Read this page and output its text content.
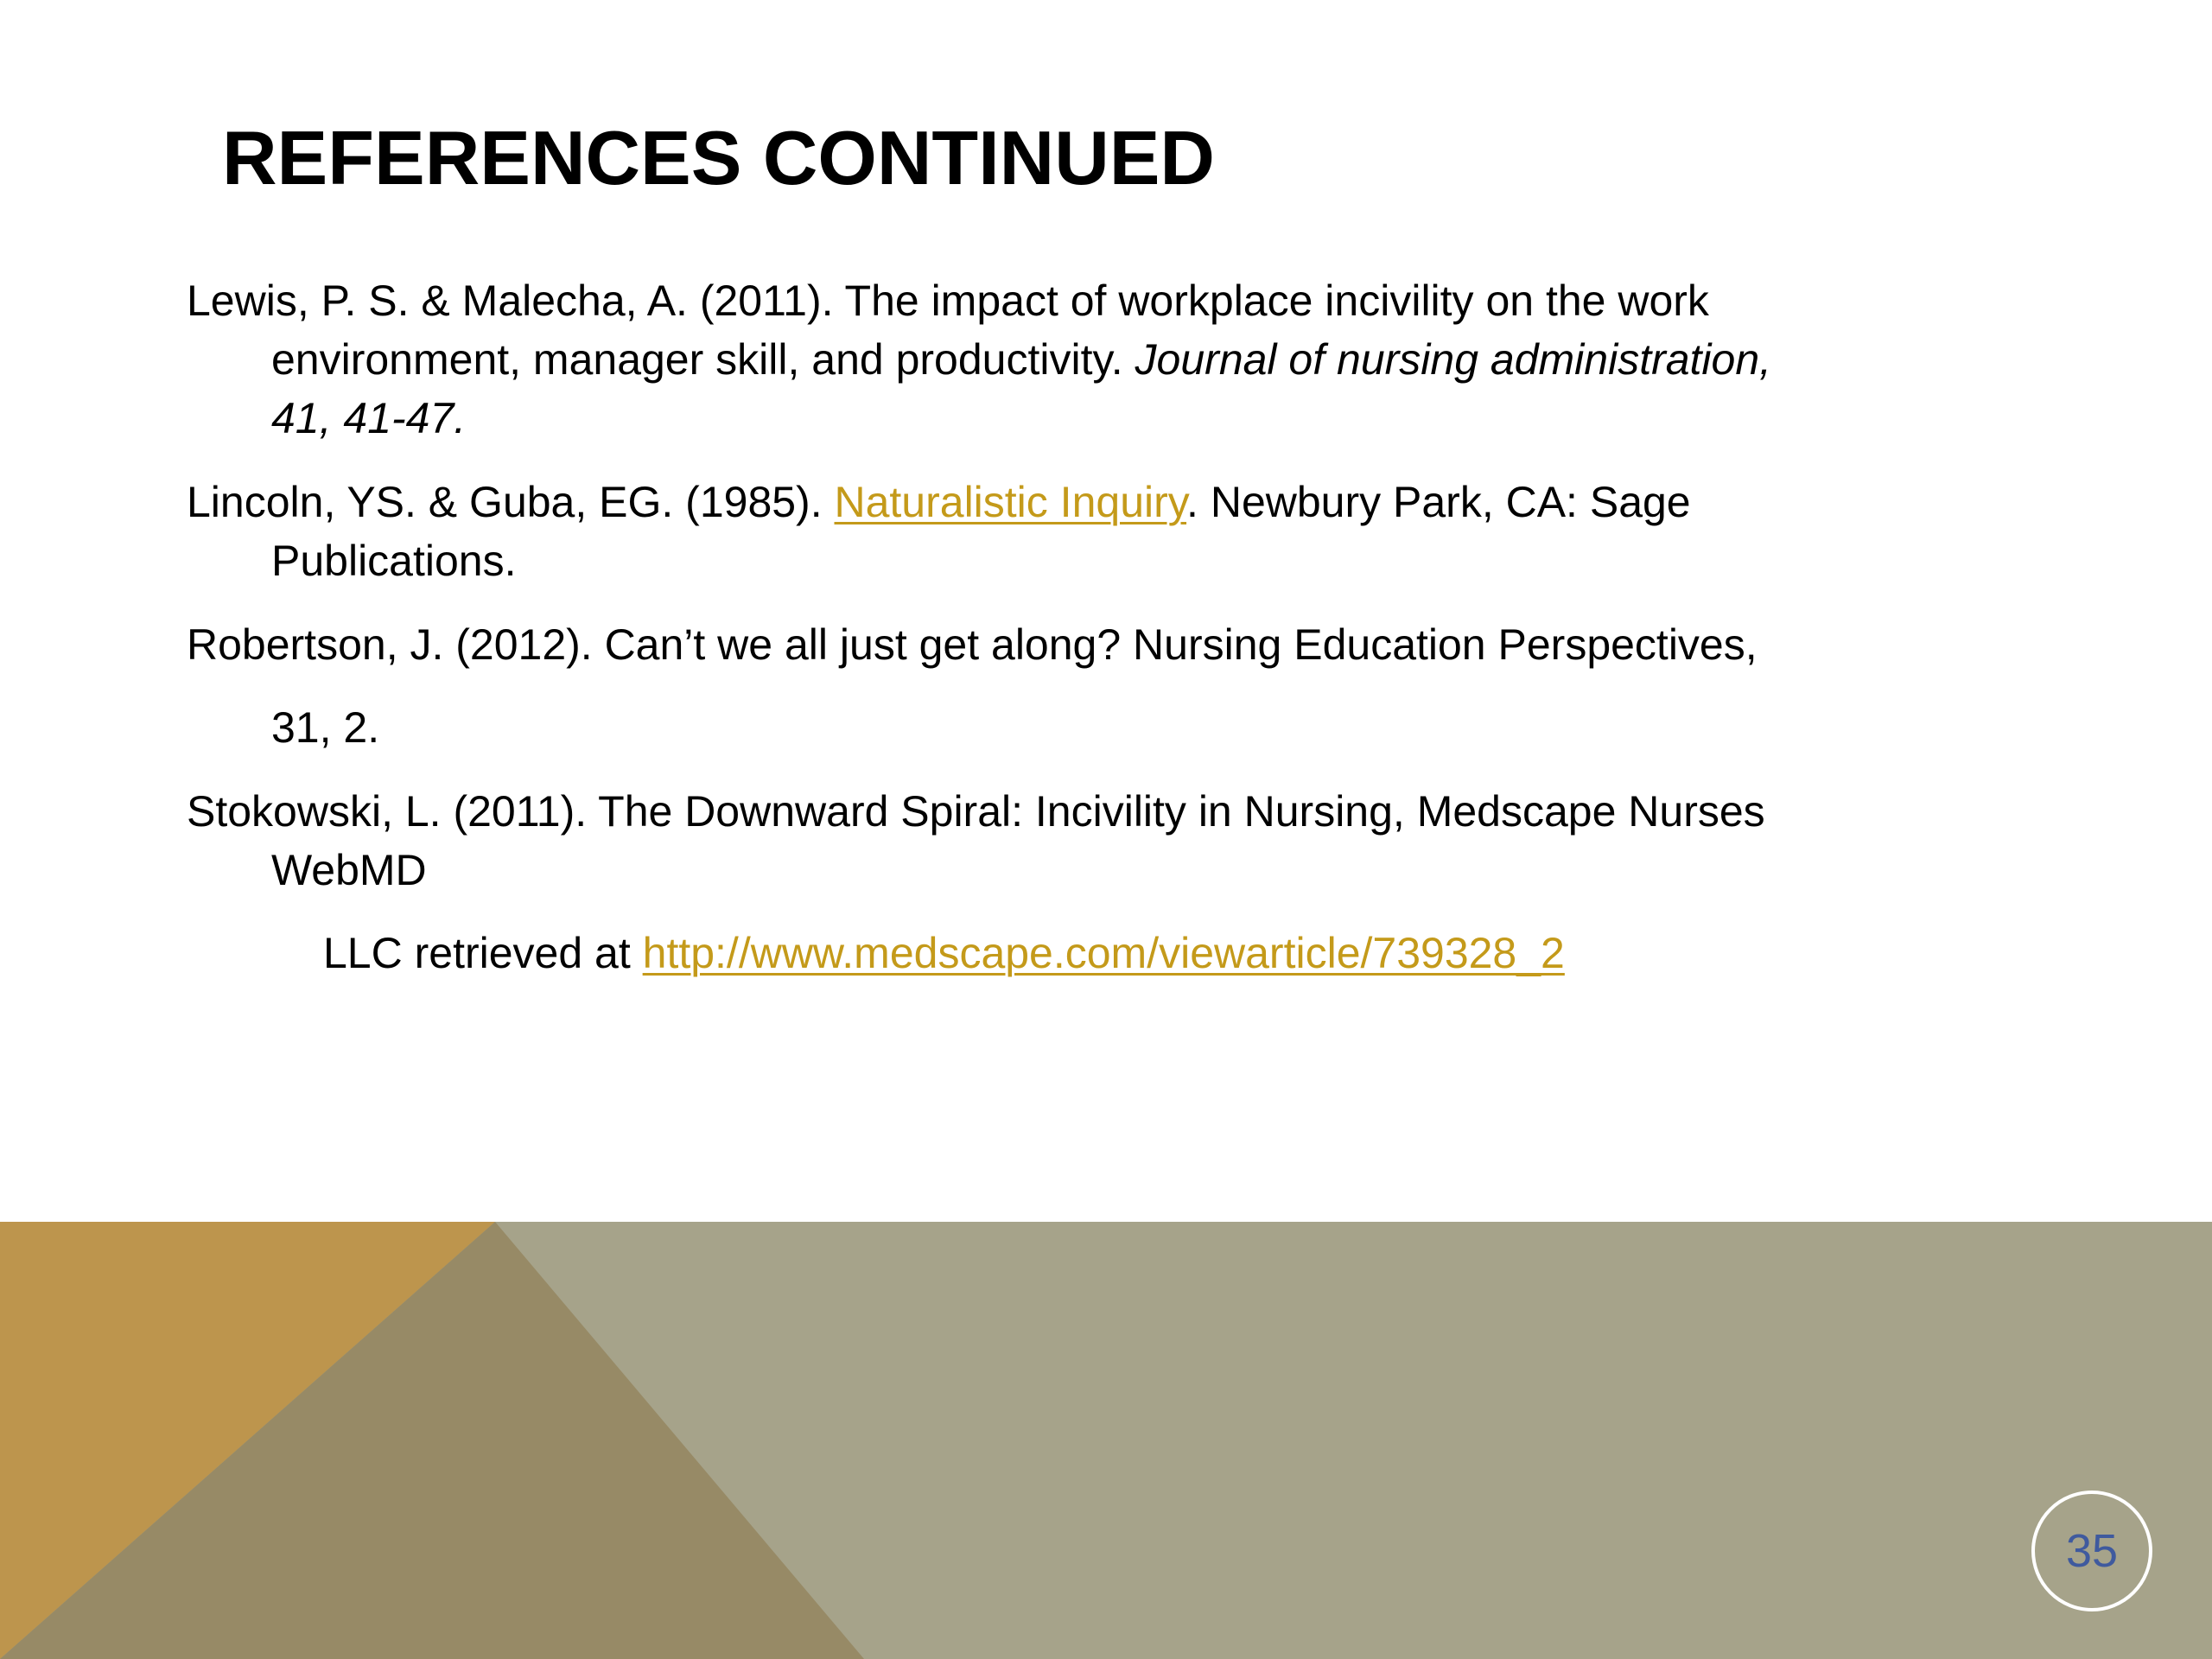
REFERENCES CONTINUED
Lewis, P. S. & Malecha, A. (2011). The impact of workplace incivility on the work
environment, manager skill, and productivity. Journal of nursing administration,
41, 41-47.
Lincoln, YS. & Guba, EG. (1985). Naturalistic Inquiry. Newbury Park, CA: Sage
Publications.
Robertson, J. (2012). Can’t we all just get along? Nursing Education Perspectives,
31, 2.
Stokowski, L. (2011). The Downward Spiral: Incivility in Nursing, Medscape Nurses
WebMD
LLC retrieved at http://www.medscape.com/viewarticle/739328_2
35
